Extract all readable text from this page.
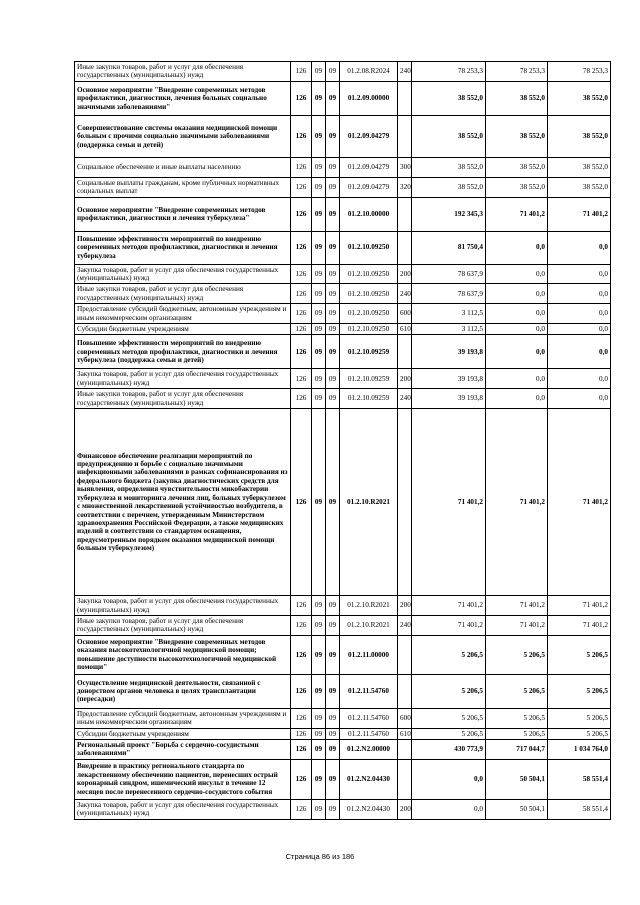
Иные закупки товаров, работ и услуг для обеспечения государственных (муниципальных) нужд	126	09	09	01.2.08.R2024	240	78 253,3	78 253,3	78 253,3
Основное мероприятие "Внедрение современных методов профилактики, диагностики, лечения больных социально значимыми заболеваниями"	126	09	09	01.2.09.00000		38 552,0	38 552,0	38 552,0
Совершенствование системы оказания медицинской помощи больным с прочими социально значимыми заболеваниями (поддержка семьи и детей)	126	09	09	01.2.09.04279		38 552,0	38 552,0	38 552,0
Социальное обеспечение и иные выплаты населению	126	09	09	01.2.09.04279	300	38 552,0	38 552,0	38 552,0
Социальные выплаты гражданам, кроме публичных нормативных социальных выплат	126	09	09	01.2.09.04279	320	38 552,0	38 552,0	38 552,0
Основное мероприятие "Внедрение современных методов профилактики, диагностики и лечения туберкулеза"	126	09	09	01.2.10.00000		192 345,3	71 401,2	71 401,2
Повышение эффективности мероприятий по внедрению современных методов профилактики, диагностики и лечения туберкулеза	126	09	09	01.2.10.09250		81 750,4	0,0	0,0
Закупка товаров, работ и услуг для обеспечения государственных (муниципальных) нужд	126	09	09	01.2.10.09250	200	78 637,9	0,0	0,0
Иные закупки товаров, работ и услуг для обеспечения государственных (муниципальных) нужд	126	09	09	01.2.10.09250	240	78 637,9	0,0	0,0
Предоставление субсидий бюджетным, автономным учреждениям и иным некоммерческим организациям	126	09	09	01.2.10.09250	600	3 112,5	0,0	0,0
Субсидии бюджетным учреждениям	126	09	09	01.2.10.09250	610	3 112,5	0,0	0,0
Повышение эффективности мероприятий по внедрению современных методов профилактики, диагностики и лечения туберкулеза (поддержка семьи и детей)	126	09	09	01.2.10.09259		39 193,8	0,0	0,0
Закупка товаров, работ и услуг для обеспечения государственных (муниципальных) нужд	126	09	09	01.2.10.09259	200	39 193,8	0,0	0,0
Иные закупки товаров, работ и услуг для обеспечения государственных (муниципальных) нужд	126	09	09	01.2.10.09259	240	39 193,8	0,0	0,0
Финансовое обеспечение реализации мероприятий по предупреждению и борьбе с социально значимыми инфекционными заболеваниями в рамках софинансирования из федерального бюджета (закупка диагностических средств для выявления, определения чувствительности микобактерии туберкулеза и мониторинга лечения лиц, больных туберкулезом с множественной лекарственной устойчивостью возбудителя, в соответствии с перечнем, утвержденным Министерством здравоохранения Российской Федерации, а также медицинских изделий в соответствии со стандартом оснащения, предусмотренным порядком оказания медицинской помощи больным туберкулезом)	126	09	09	01.2.10.R2021		71 401,2	71 401,2	71 401,2
Закупка товаров, работ и услуг для обеспечения государственных (муниципальных) нужд	126	09	09	01.2.10.R2021	200	71 401,2	71 401,2	71 401,2
Иные закупки товаров, работ и услуг для обеспечения государственных (муниципальных) нужд	126	09	09	01.2.10.R2021	240	71 401,2	71 401,2	71 401,2
Основное мероприятие "Внедрение современных методов оказания высокотехнологичной медицинской помощи; повышение доступности высокотехнологичной медицинской помощи"	126	09	09	01.2.11.00000		5 206,5	5 206,5	5 206,5
Осуществление медицинской деятельности, связанной с донорством органов человека в целях трансплантации (пересадки)	126	09	09	01.2.11.54760		5 206,5	5 206,5	5 206,5
Предоставление субсидий бюджетным, автономным учреждениям и иным некоммерческим организациям	126	09	09	01.2.11.54760	600	5 206,5	5 206,5	5 206,5
Субсидии бюджетным учреждениям	126	09	09	01.2.11.54760	610	5 206,5	5 206,5	5 206,5
Региональный проект "Борьба с сердечно-сосудистыми заболеваниями"	126	09	09	01.2.N2.00000		430 773,9	717 044,7	1 034 764,0
Внедрение в практику регионального стандарта по лекарственному обеспечению пациентов, перенесших острый коронарный синдром, ишемический инсульт в течение 12 месяцев после перенесенного сердечно-сосудистого события	126	09	09	01.2.N2.04430		0,0	50 504,1	58 551,4
Закупка товаров, работ и услуг для обеспечения государственных (муниципальных) нужд	126	09	09	01.2.N2.04430	200	0,0	50 504,1	58 551,4
Страница 86 из 186
